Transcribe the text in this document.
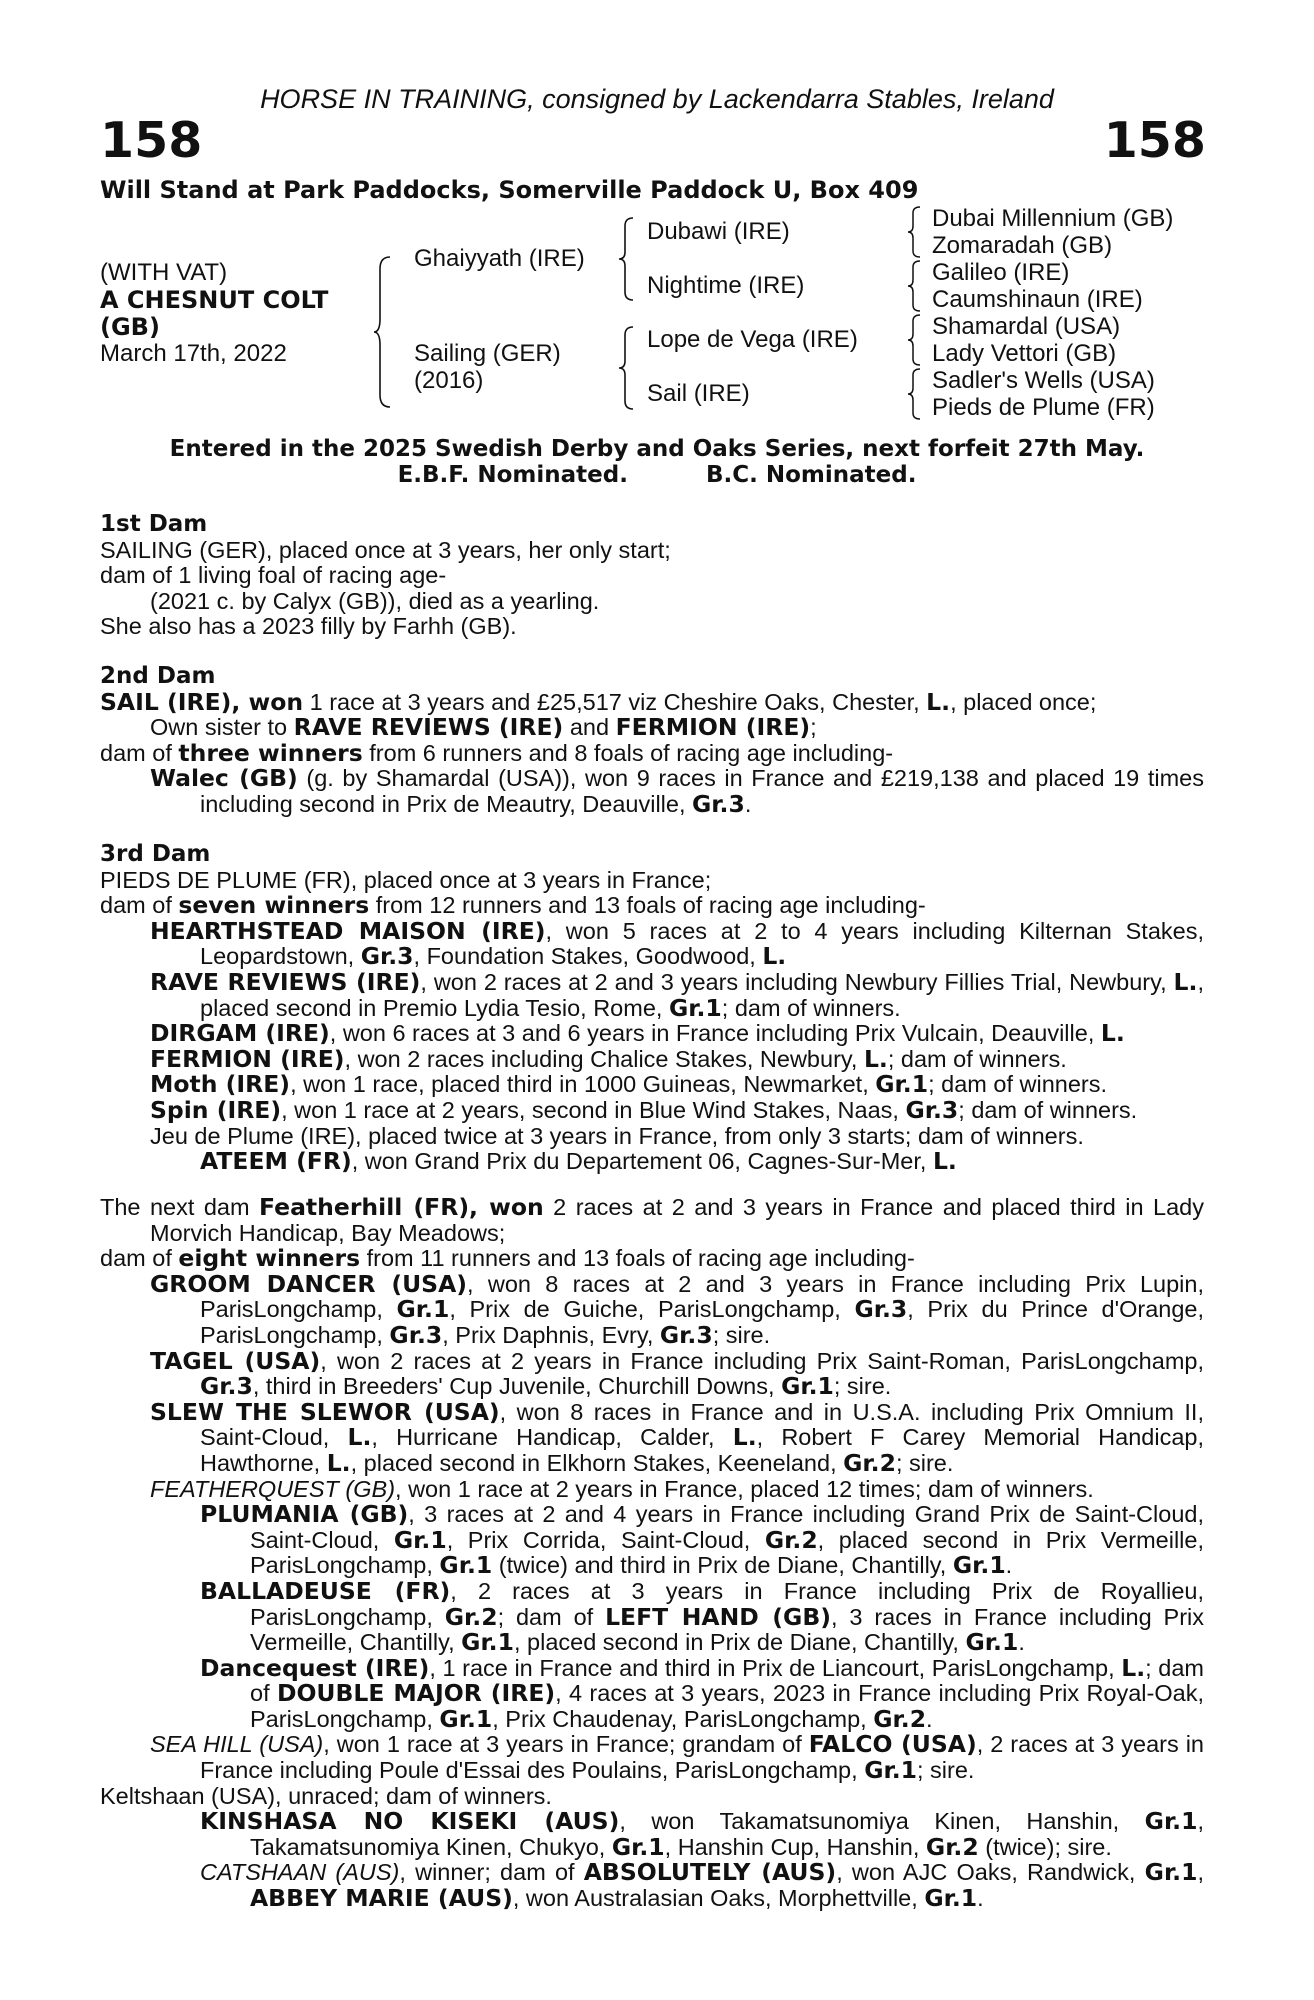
HORSE IN TRAINING, consigned by Lackendarra Stables, Ireland
158	158
Will Stand at Park Paddocks, Somerville Paddock U, Box 409
(WITH VAT)
A CHESNUT COLT
(GB)
March 17th, 2022
Ghaiyyath (IRE)
Sailing (GER)
(2016)
Dubawi (IRE)
Nightime (IRE)
Lope de Vega (IRE)
Sail (IRE)
Dubai Millennium (GB)
Zomaradah (GB)
Galileo (IRE)
Caumshinaun (IRE)
Shamardal (USA)
Lady Vettori (GB)
Sadler's Wells (USA)
Pieds de Plume (FR)
Entered in the 2025 Swedish Derby and Oaks Series, next forfeit 27th May.
E.B.F. Nominated.	B.C. Nominated.

1st Dam

SAILING (GER), placed once at 3 years, her only start;

dam of 1 living foal of racing age-

(2021 c. by Calyx (GB)), died as a yearling.

She also has a 2023 filly by Farhh (GB).

2nd Dam

SAIL (IRE), won 1 race at 3 years and £25,517 viz Cheshire Oaks, Chester, L., placed once;
Own sister to RAVE REVIEWS (IRE) and FERMION (IRE);

dam of three winners from 6 runners and 8 foals of racing age including-

Walec (GB) (g. by Shamardal (USA)), won 9 races in France and £219,138 and placed 19 times including second in Prix de Meautry, Deauville, Gr.3.

3rd Dam

PIEDS DE PLUME (FR), placed once at 3 years in France;

dam of seven winners from 12 runners and 13 foals of racing age including-

HEARTHSTEAD MAISON (IRE), won 5 races at 2 to 4 years including Kilternan Stakes, Leopardstown, Gr.3, Foundation Stakes, Goodwood, L.

RAVE REVIEWS (IRE), won 2 races at 2 and 3 years including Newbury Fillies Trial, Newbury, L., placed second in Premio Lydia Tesio, Rome, Gr.1; dam of winners.

DIRGAM (IRE), won 6 races at 3 and 6 years in France including Prix Vulcain, Deauville, L.

FERMION (IRE), won 2 races including Chalice Stakes, Newbury, L.; dam of winners.

Moth (IRE), won 1 race, placed third in 1000 Guineas, Newmarket, Gr.1; dam of winners.

Spin (IRE), won 1 race at 2 years, second in Blue Wind Stakes, Naas, Gr.3; dam of winners.

Jeu de Plume (IRE), placed twice at 3 years in France, from only 3 starts; dam of winners.

ATEEM (FR), won Grand Prix du Departement 06, Cagnes-Sur-Mer, L.

The next dam Featherhill (FR), won 2 races at 2 and 3 years in France and placed third in Lady Morvich Handicap, Bay Meadows;

dam of eight winners from 11 runners and 13 foals of racing age including-

GROOM DANCER (USA), won 8 races at 2 and 3 years in France including Prix Lupin, ParisLongchamp, Gr.1, Prix de Guiche, ParisLongchamp, Gr.3, Prix du Prince d'Orange, ParisLongchamp, Gr.3, Prix Daphnis, Evry, Gr.3; sire.

TAGEL (USA), won 2 races at 2 years in France including Prix Saint-Roman, ParisLongchamp, Gr.3, third in Breeders' Cup Juvenile, Churchill Downs, Gr.1; sire.

SLEW THE SLEWOR (USA), won 8 races in France and in U.S.A. including Prix Omnium II, Saint-Cloud, L., Hurricane Handicap, Calder, L., Robert F Carey Memorial Handicap, Hawthorne, L., placed second in Elkhorn Stakes, Keeneland, Gr.2; sire.

FEATHERQUEST (GB), won 1 race at 2 years in France, placed 12 times; dam of winners.

PLUMANIA (GB), 3 races at 2 and 4 years in France including Grand Prix de Saint-Cloud, Saint-Cloud, Gr.1, Prix Corrida, Saint-Cloud, Gr.2, placed second in Prix Vermeille, ParisLongchamp, Gr.1 (twice) and third in Prix de Diane, Chantilly, Gr.1.

BALLADEUSE (FR), 2 races at 3 years in France including Prix de Royallieu, ParisLongchamp, Gr.2; dam of LEFT HAND (GB), 3 races in France including Prix Vermeille, Chantilly, Gr.1, placed second in Prix de Diane, Chantilly, Gr.1.

Dancequest (IRE), 1 race in France and third in Prix de Liancourt, ParisLongchamp, L.; dam of DOUBLE MAJOR (IRE), 4 races at 3 years, 2023 in France including Prix Royal-Oak, ParisLongchamp, Gr.1, Prix Chaudenay, ParisLongchamp, Gr.2.

SEA HILL (USA), won 1 race at 3 years in France; grandam of FALCO (USA), 2 races at 3 years in France including Poule d'Essai des Poulains, ParisLongchamp, Gr.1; sire.

Keltshaan (USA), unraced; dam of winners.

KINSHASA NO KISEKI (AUS), won Takamatsunomiya Kinen, Hanshin, Gr.1, Takamatsunomiya Kinen, Chukyo, Gr.1, Hanshin Cup, Hanshin, Gr.2 (twice); sire.

CATSHAAN (AUS), winner; dam of ABSOLUTELY (AUS), won AJC Oaks, Randwick, Gr.1, ABBEY MARIE (AUS), won Australasian Oaks, Morphettville, Gr.1.
